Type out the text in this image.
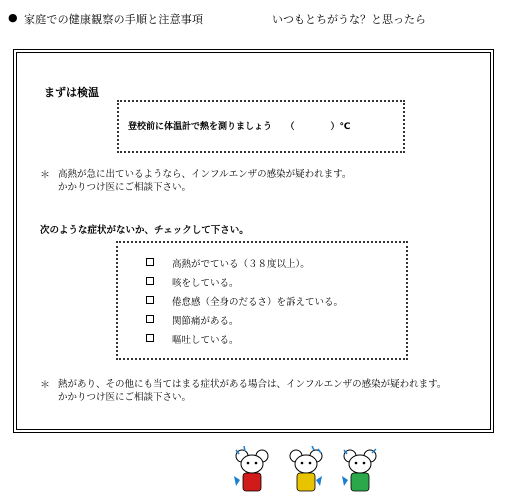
● 家庭での健康観察の手順と注意事項	いつもとちがうな？と思ったら
まずは検温
登校前に体温計で熱を測りましょう　　（　　　　）℃
＊ 高熱が急に出ているようなら、インフルエンザの感染が疑われます。
かかりつけ医にご相談下さい。
次のような症状がないか、チェックして下さい。
高熱がでている（３８度以上）。
咳をしている。
倦怠感（全身のだるさ）を訴えている。
関節痛がある。
嘔吐している。
＊ 熱があり、その他にも当てはまる症状がある場合は、インフルエンザの感染が疑われます。
かかりつけ医にご相談下さい。
